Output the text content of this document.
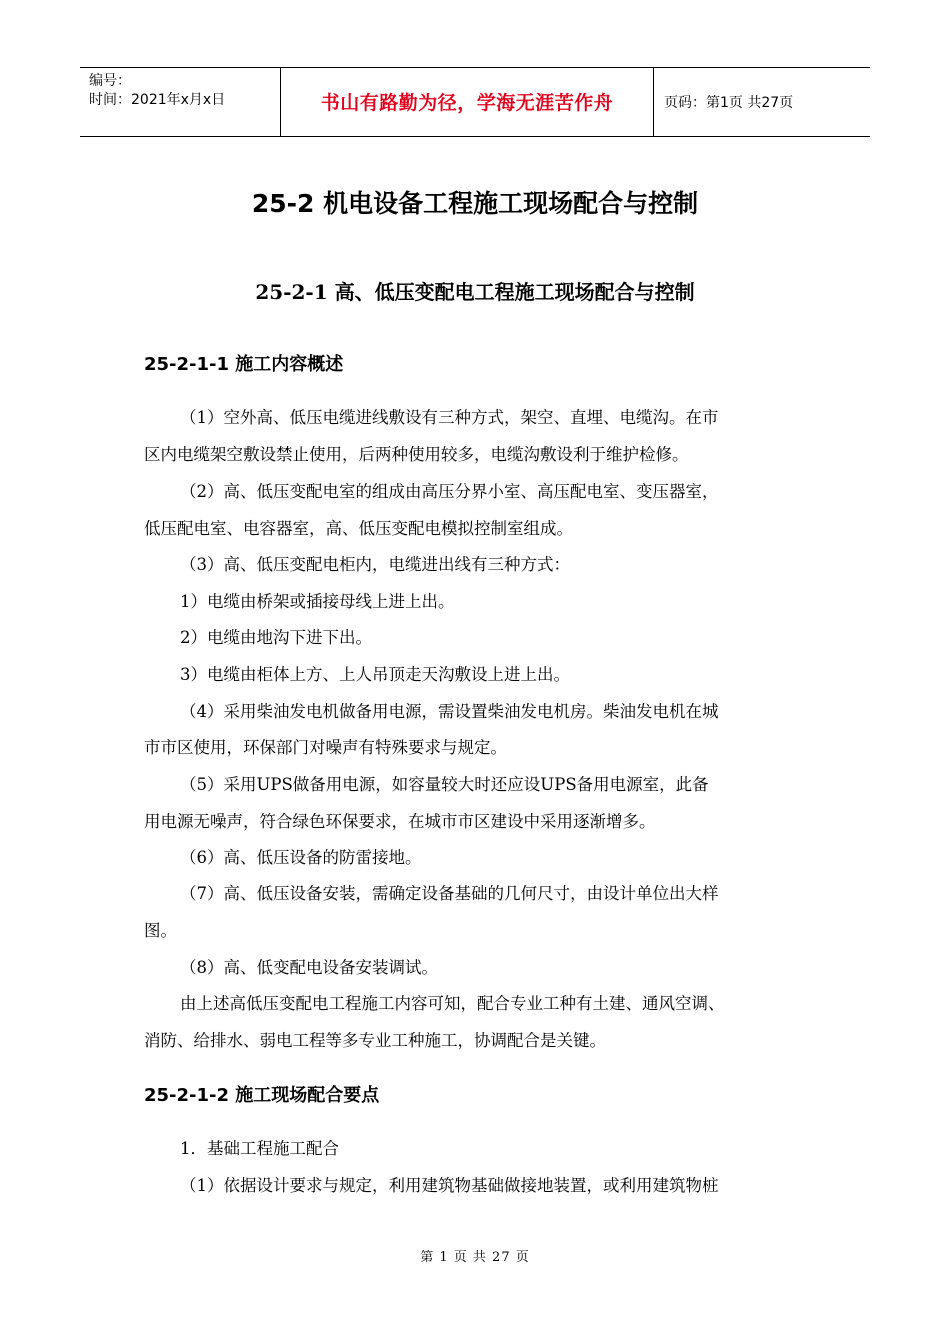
编号：
时间：2021年x月x日	书山有路勤为径，学海无涯苦作舟	页码：第1页 共27页
25-2 机电设备工程施工现场配合与控制
25-2-1 高、低压变配电工程施工现场配合与控制
25-2-1-1 施工内容概述
（1）空外高、低压电缆进线敷设有三种方式，架空、直埋、电缆沟。在市
区内电缆架空敷设禁止使用，后两种使用较多，电缆沟敷设利于维护检修。
（2）高、低压变配电室的组成由高压分界小室、高压配电室、变压器室，
低压配电室、电容器室，高、低压变配电模拟控制室组成。
（3）高、低压变配电柜内，电缆进出线有三种方式：
1）电缆由桥架或插接母线上进上出。
2）电缆由地沟下进下出。
3）电缆由柜体上方、上人吊顶走天沟敷设上进上出。
（4）采用柴油发电机做备用电源，需设置柴油发电机房。柴油发电机在城
市市区使用，环保部门对噪声有特殊要求与规定。
（5）采用UPS做备用电源，如容量较大时还应设UPS备用电源室，此备
用电源无噪声，符合绿色环保要求，在城市市区建设中采用逐渐增多。
（6）高、低压设备的防雷接地。
（7）高、低压设备安装，需确定设备基础的几何尺寸，由设计单位出大样
图。
（8）高、低变配电设备安装调试。
由上述高低压变配电工程施工内容可知，配合专业工种有土建、通风空调、
消防、给排水、弱电工程等多专业工种施工，协调配合是关键。
25-2-1-2 施工现场配合要点
1．基础工程施工配合
（1）依据设计要求与规定，利用建筑物基础做接地装置，或利用建筑物桩
第 1 页 共 27 页
